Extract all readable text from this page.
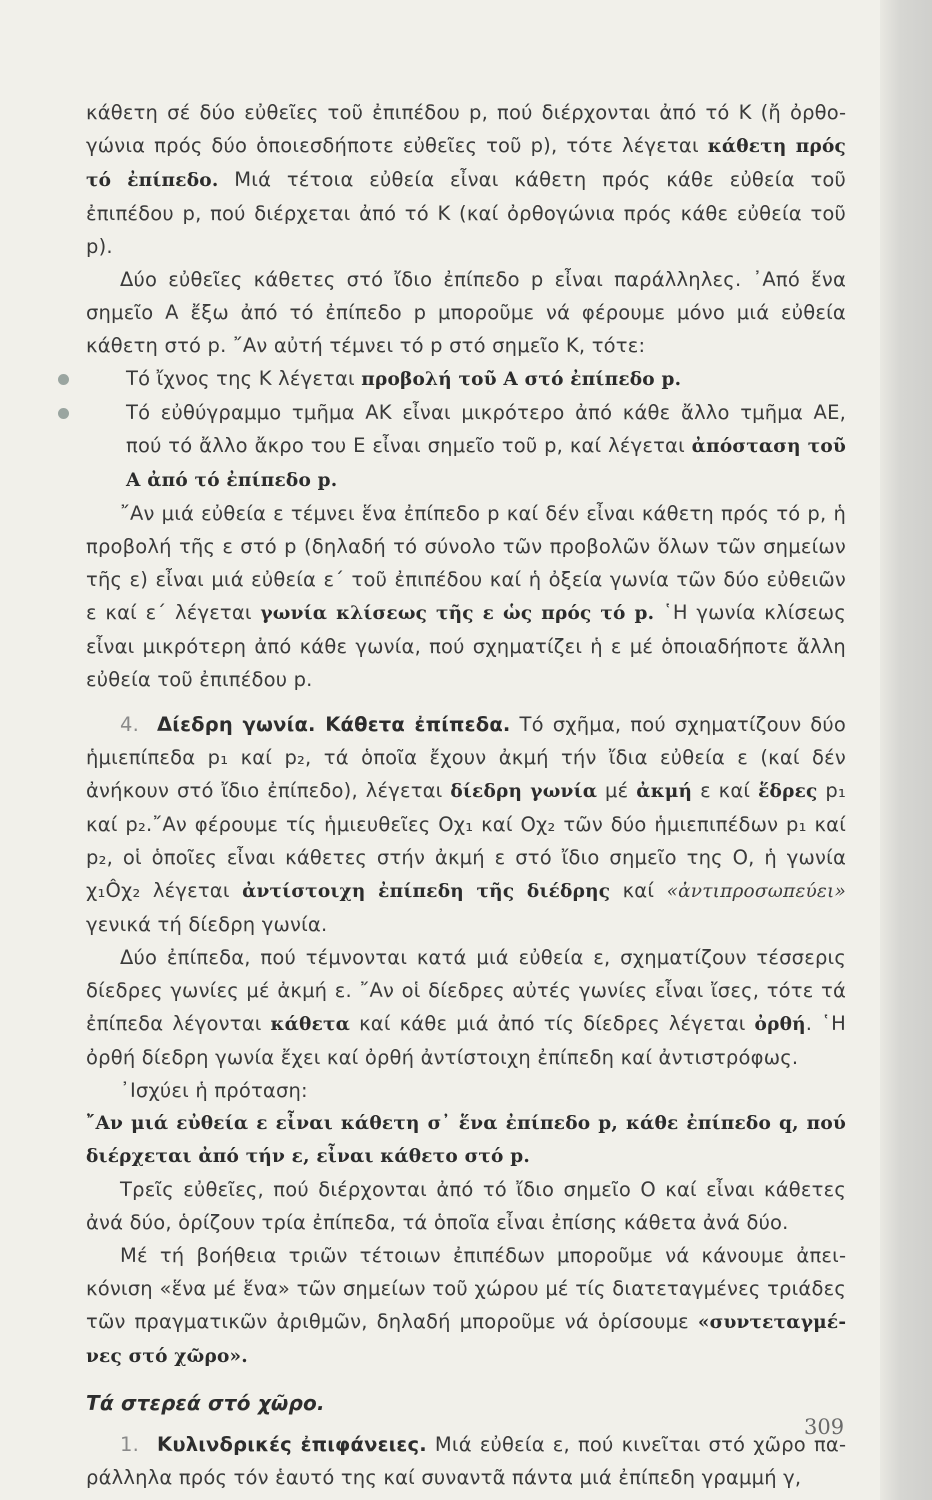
κάθετη σέ δύο εὐθεῖες τοῦ ἐπιπέδου p, πού διέρχονται ἀπό τό Κ (ἤ ὀρθογώνια πρός δύο ὁποιεσδήποτε εὐθεῖες τοῦ p), τότε λέγεται κάθετη πρός τό ἐπίπεδο. Μιά τέτοια εὐθεία εἶναι κάθετη πρός κάθε εὐθεία τοῦ ἐπιπέδου p, πού διέρχεται ἀπό τό Κ (καί ὀρθογώνια πρός κάθε εὐθεία τοῦ p).

Δύο εὐθεῖες κάθετες στό ἴδιο ἐπίπεδο p εἶναι παράλληλες. ᾽Από ἕνα σημεῖο Α ἔξω ἀπό τό ἐπίπεδο p μποροῦμε νά φέρουμε μόνο μιά εὐθεία κάθετη στό p. ῎Αν αὐτή τέμνει τό p στό σημεῖο Κ, τότε:

Τό ἴχνος της Κ λέγεται προβολή τοῦ Α στό ἐπίπεδο p.

Τό εὐθύγραμμο τμῆμα ΑΚ εἶναι μικρότερο ἀπό κάθε ἄλλο τμῆμα ΑΕ, πού τό ἄλλο ἄκρο του Ε εἶναι σημεῖο τοῦ p, καί λέγεται ἀπόσταση τοῦ Α ἀπό τό ἐπίπεδο p.

῎Αν μιά εὐθεία ε τέμνει ἕνα ἐπίπεδο p καί δέν εἶναι κάθετη πρός τό p, ἡ προβολή τῆς ε στό p (δηλαδή τό σύνολο τῶν προβολῶν ὅλων τῶν σημείων τῆς ε) εἶναι μιά εὐθεία ε΄ τοῦ ἐπιπέδου καί ἡ ὀξεία γωνία τῶν δύο εὐθειῶν ε καί ε΄ λέγεται γωνία κλίσεως τῆς ε ὡς πρός τό p. ῾Η γωνία κλίσεως εἶναι μικρότερη ἀπό κάθε γωνία, πού σχηματίζει ἡ ε μέ ὁποιαδήποτε ἄλλη εὐθεία τοῦ ἐπιπέδου p.

4. Δίεδρη γωνία. Κάθετα ἐπίπεδα. Τό σχῆμα, πού σχηματίζουν δύο ἡμιεπίπεδα p₁ καί p₂, τά ὁποῖα ἔχουν ἀκμή τήν ἴδια εὐθεία ε (καί δέν ἀνήκουν στό ἴδιο ἐπίπεδο), λέγεται δίεδρη γωνία μέ ἀκμή ε καί ἕδρες p₁ καί p₂.῎Αν φέρουμε τίς ἡμιευθεῖες Οχ₁ καί Οχ₂ τῶν δύο ἡμιεπιπέδων p₁ καί p₂, οἱ ὁποῖες εἶναι κάθετες στήν ἀκμή ε στό ἴδιο σημεῖο της Ο, ἡ γωνία χ₁Ôχ₂ λέγεται ἀντίστοιχη ἐπίπεδη τῆς διέδρης καί «ἀντιπροσωπεύει» γενικά τή δίεδρη γωνία.

Δύο ἐπίπεδα, πού τέμνονται κατά μιά εὐθεία ε, σχηματίζουν τέσσερις δίεδρες γωνίες μέ ἀκμή ε. ῎Αν οἱ δίεδρες αὐτές γωνίες εἶναι ἴσες, τότε τά ἐπίπεδα λέγονται κάθετα καί κάθε μιά ἀπό τίς δίεδρες λέγεται ὀρθή. ῾Η ὀρθή δίεδρη γωνία ἔχει καί ὀρθή ἀντίστοιχη ἐπίπεδη καί ἀντιστρόφως.

᾽Ισχύει ἡ πρόταση:

῎Αν μιά εὐθεία ε εἶναι κάθετη σ᾽ ἕνα ἐπίπεδο p, κάθε ἐπίπεδο q, πού διέρχεται ἀπό τήν ε, εἶναι κάθετο στό p.

Τρεῖς εὐθεῖες, πού διέρχονται ἀπό τό ἴδιο σημεῖο Ο καί εἶναι κάθετες ἀνά δύο, ὁρίζουν τρία ἐπίπεδα, τά ὁποῖα εἶναι ἐπίσης κάθετα ἀνά δύο.

Μέ τή βοήθεια τριῶν τέτοιων ἐπιπέδων μποροῦμε νά κάνουμε ἀπεικόνιση «ἕνα μέ ἕνα» τῶν σημείων τοῦ χώρου μέ τίς διατεταγμένες τριάδες τῶν πραγματικῶν ἀριθμῶν, δηλαδή μποροῦμε νά ὁρίσουμε «συντεταγμένες στό χῶρο».

Τά στερεά στό χῶρο.

1. Κυλινδρικές ἐπιφάνειες. Μιά εὐθεία ε, πού κινεῖται στό χῶρο παράλληλα πρός τόν ἑαυτό της καί συναντᾶ πάντα μιά ἐπίπεδη γραμμή γ,

309
